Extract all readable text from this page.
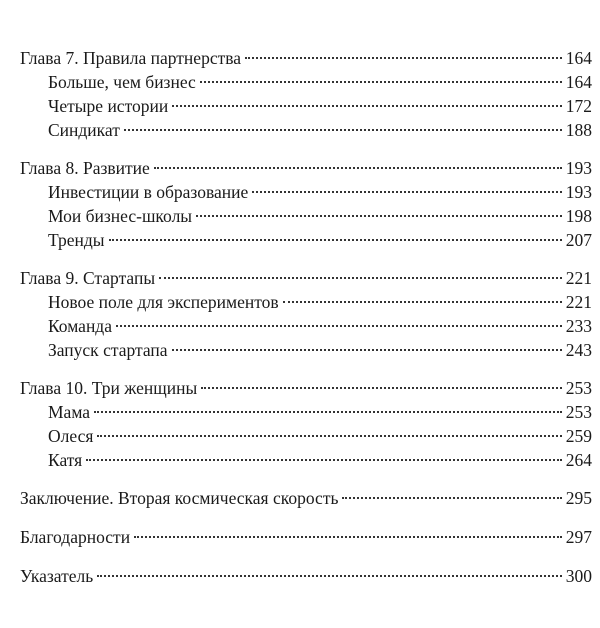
Глава 7. Правила партнерства	164
Больше, чем бизнес	164
Четыре истории	172
Синдикат	188
Глава 8. Развитие	193
Инвестиции в образование	193
Мои бизнес-школы	198
Тренды	207
Глава 9. Стартапы	221
Новое поле для экспериментов	221
Команда	233
Запуск стартапа	243
Глава 10. Три женщины	253
Мама	253
Олеся	259
Катя	264
Заключение. Вторая космическая скорость	295
Благодарности	297
Указатель	300
